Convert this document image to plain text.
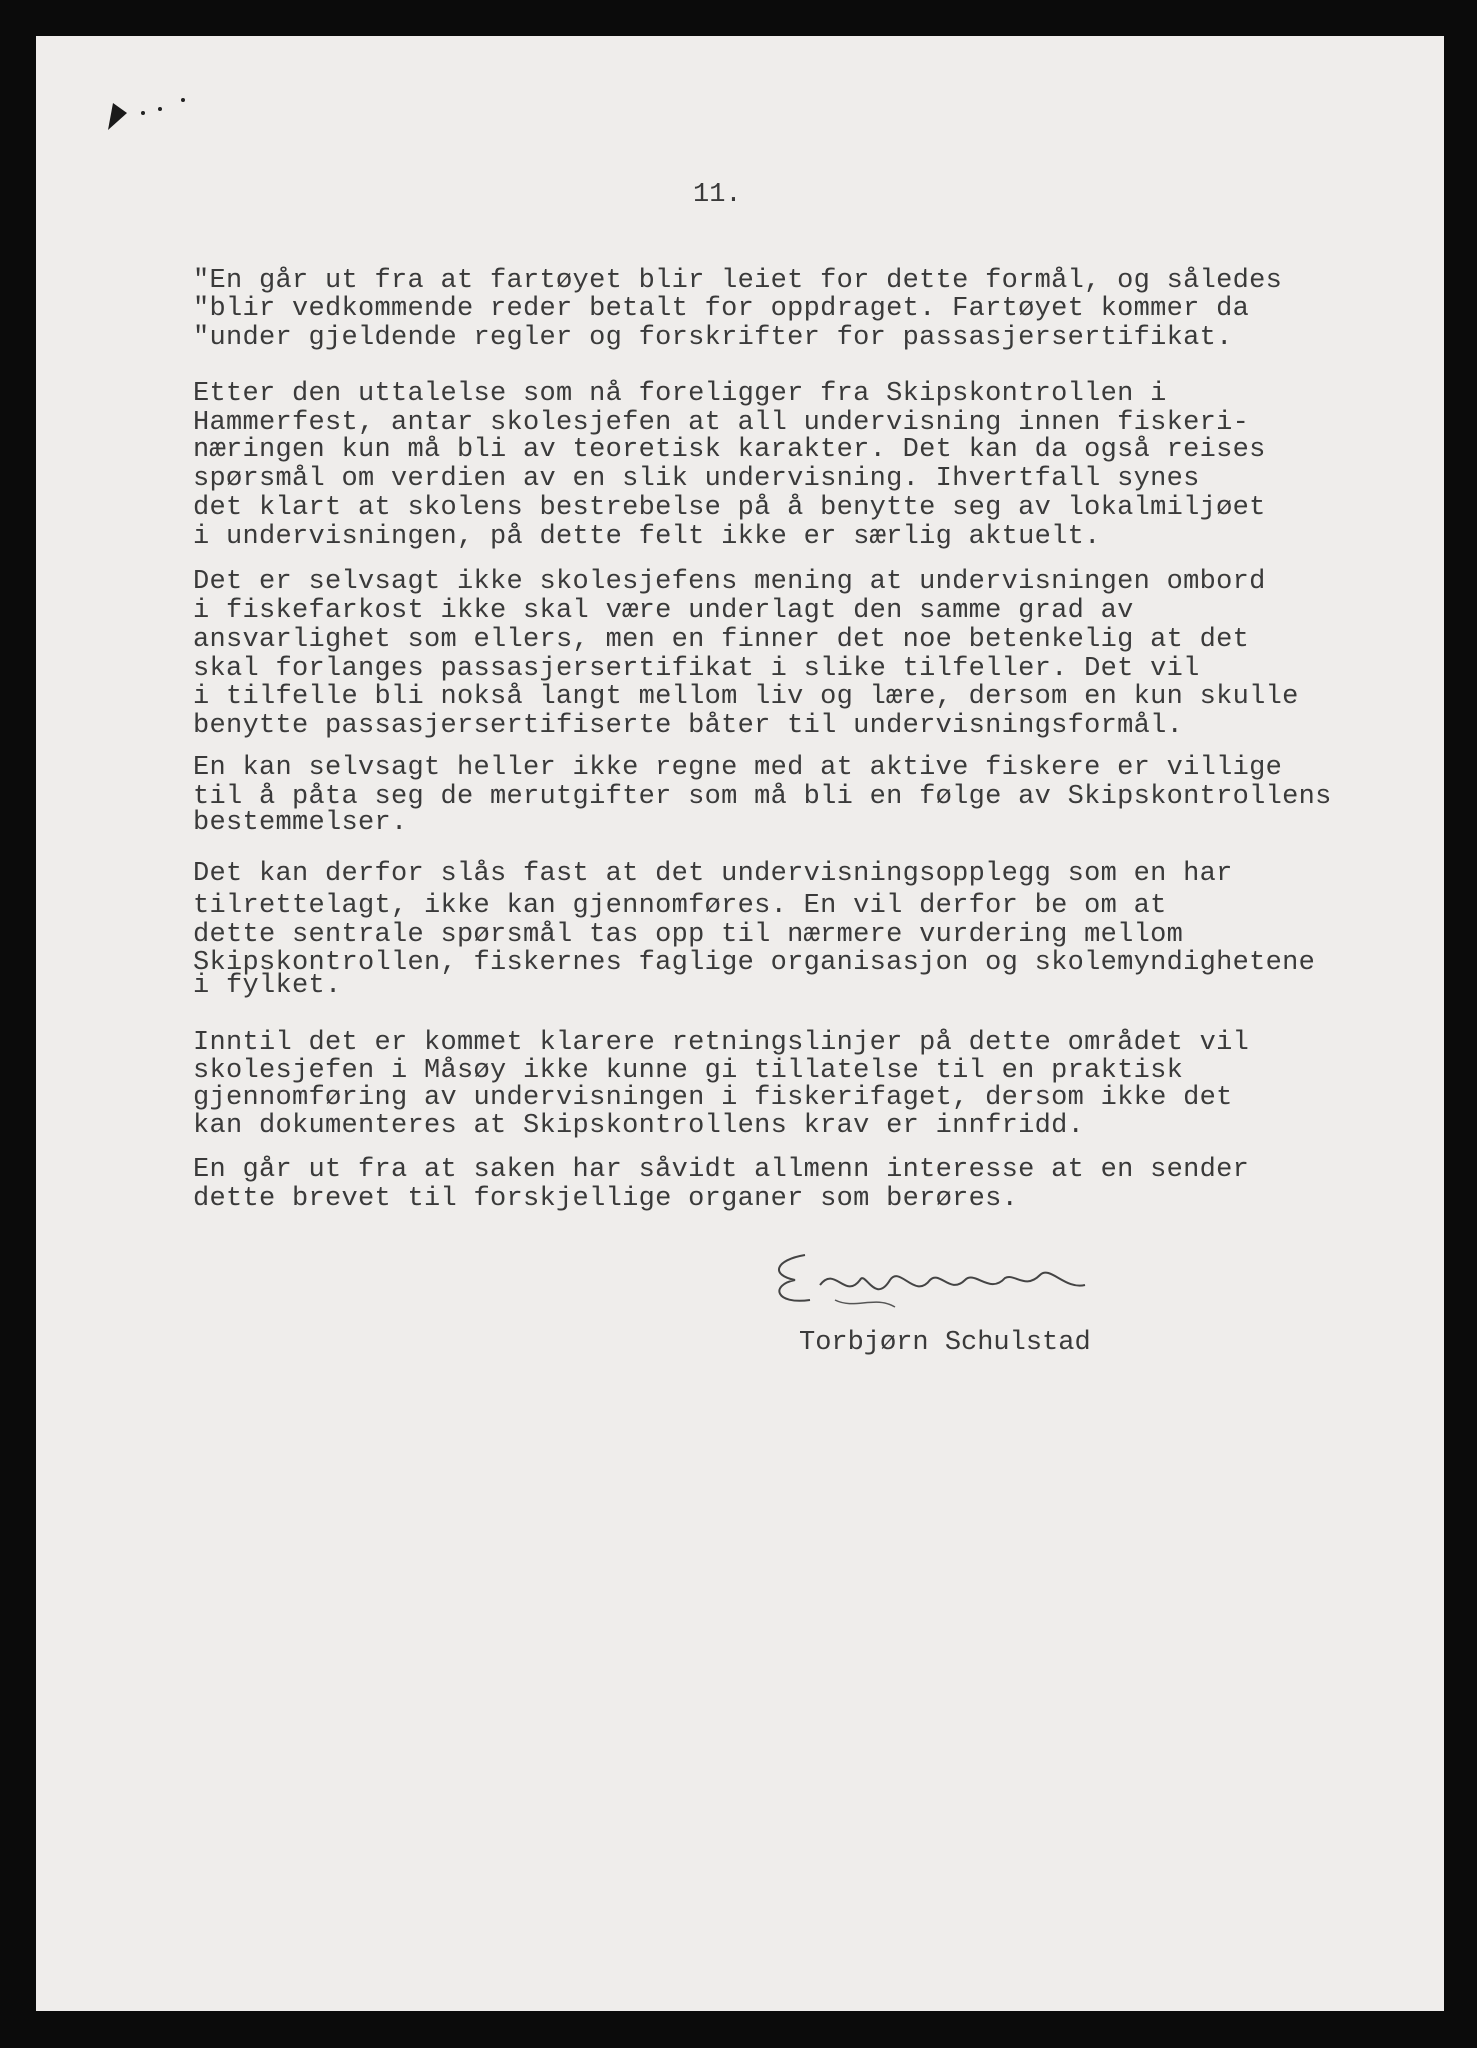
11.
"En går ut fra at fartøyet blir leiet for dette formål, og således
"blir vedkommende reder betalt for oppdraget. Fartøyet kommer da
"under gjeldende regler og forskrifter for passasjersertifikat.
Etter den uttalelse som nå foreligger fra Skipskontrollen i
Hammerfest, antar skolesjefen at all undervisning innen fiskeri-
næringen kun må bli av teoretisk karakter. Det kan da også reises
spørsmål om verdien av en slik undervisning. Ihvertfall synes
det klart at skolens bestrebelse på å benytte seg av lokalmiljøet
i undervisningen, på dette felt ikke er særlig aktuelt.
Det er selvsagt ikke skolesjefens mening at undervisningen ombord
i fiskefarkost ikke skal være underlagt den samme grad av
ansvarlighet som ellers, men en finner det noe betenkelig at det
skal forlanges passasjersertifikat i slike tilfeller. Det vil
i tilfelle bli nokså langt mellom liv og lære, dersom en kun skulle
benytte passasjersertifiserte båter til undervisningsformål.
En kan selvsagt heller ikke regne med at aktive fiskere er villige
til å påta seg de merutgifter som må bli en følge av Skipskontrollens
bestemmelser.
Det kan derfor slås fast at det undervisningsopplegg som en har
tilrettelagt, ikke kan gjennomføres. En vil derfor be om at
dette sentrale spørsmål tas opp til nærmere vurdering mellom
Skipskontrollen, fiskernes faglige organisasjon og skolemyndighetene
i fylket.
Inntil det er kommet klarere retningslinjer på dette området vil
skolesjefen i Måsøy ikke kunne gi tillatelse til en praktisk
gjennomføring av undervisningen i fiskerifaget, dersom ikke det
kan dokumenteres at Skipskontrollens krav er innfridd.
En går ut fra at saken har såvidt allmenn interesse at en sender
dette brevet til forskjellige organer som berøres.
Torbjørn Schulstad
